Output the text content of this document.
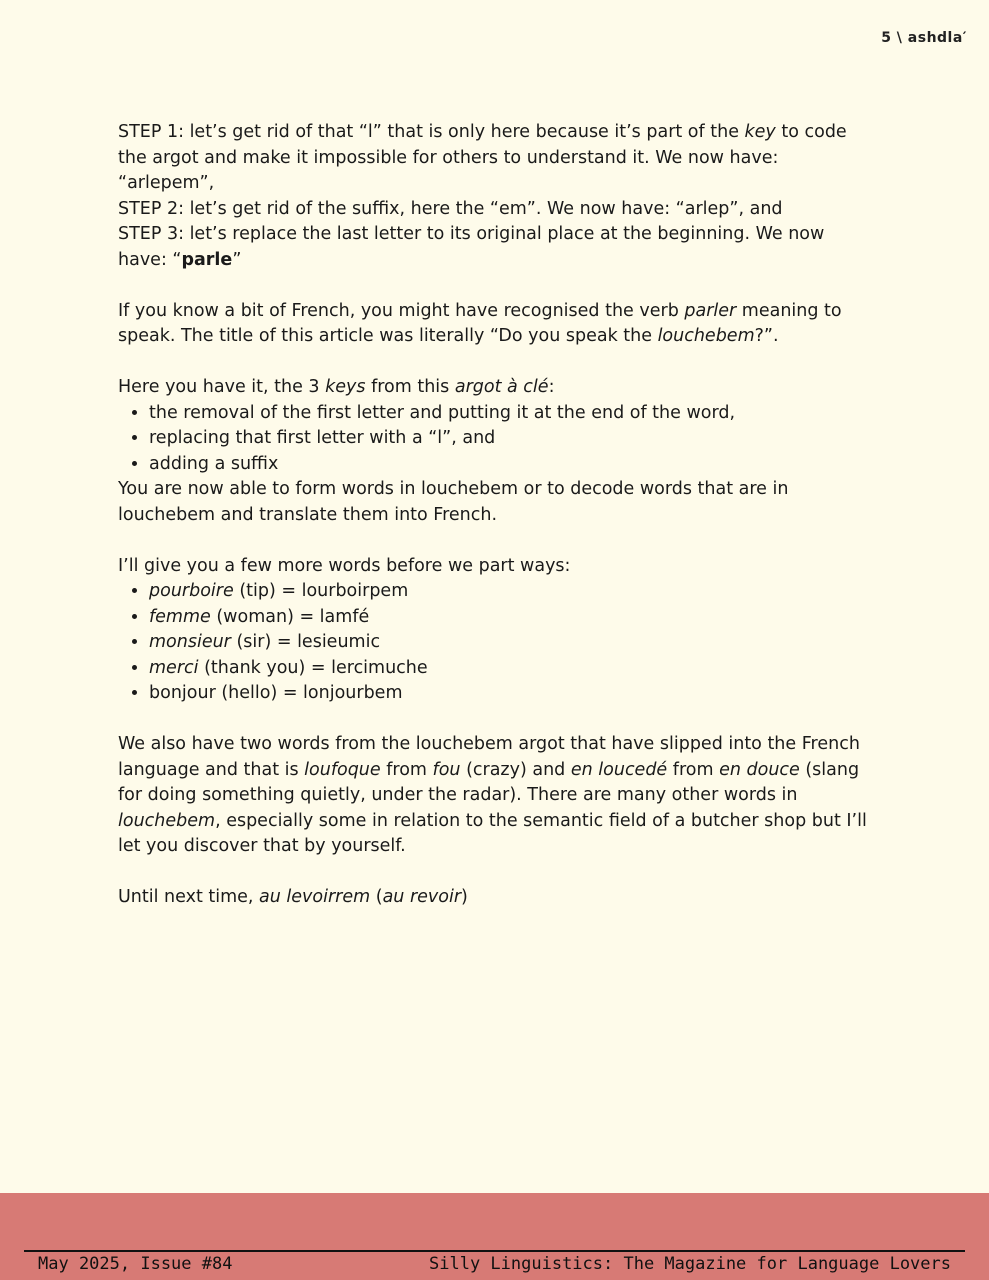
5 \ ashdla′

STEP 1: let’s get rid of that “l” that is only here because it’s part of the key to code the argot and make it impossible for others to understand it. We now have: “arlepem”,

STEP 2: let’s get rid of the suffix, here the “em”. We now have: “arlep”, and

STEP 3: let’s replace the last letter to its original place at the beginning. We now have: “parle”

If you know a bit of French, you might have recognised the verb parler meaning to speak. The title of this article was literally “Do you speak the louchebem?”.

Here you have it, the 3 keys from this argot à clé:

• the removal of the first letter and putting it at the end of the word,
• replacing that first letter with a “l”, and
• adding a suffix

You are now able to form words in louchebem or to decode words that are in louchebem and translate them into French.

I’ll give you a few more words before we part ways:

• pourboire (tip) = lourboirpem
• femme (woman) = lamfé
• monsieur (sir) = lesieumic
• merci (thank you) = lercimuche
• bonjour (hello) = lonjourbem

We also have two words from the louchebem argot that have slipped into the French language and that is loufoque from fou (crazy) and en loucedé from en douce (slang for doing something quietly, under the radar). There are many other words in louchebem, especially some in relation to the semantic field of a butcher shop but I’ll let you discover that by yourself.

Until next time, au levoirrem (au revoir)

May 2025, Issue #84	Silly Linguistics: The Magazine for Language Lovers
